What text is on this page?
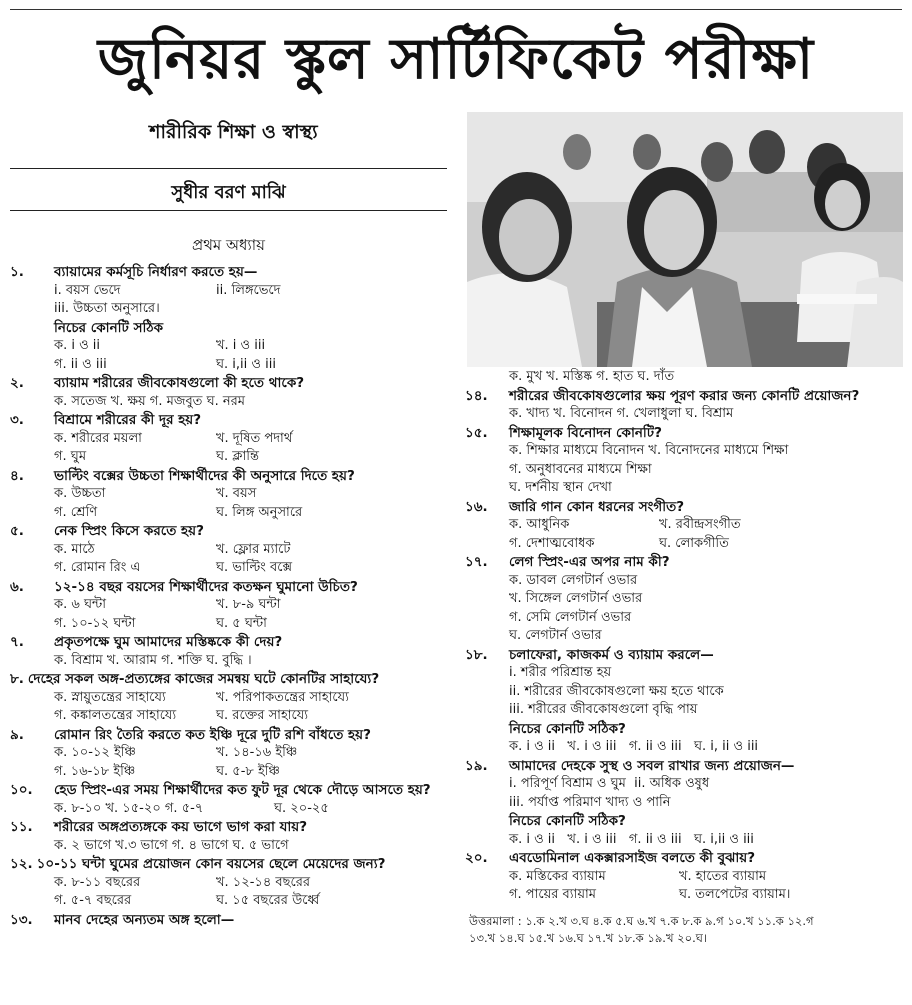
জুনিয়র স্কুল সার্টিফিকেট পরীক্ষা
শারীরিক শিক্ষা ও স্বাস্থ্য
সুধীর বরণ মাঝি
প্রথম অধ্যায়
১.	ব্যায়ামের কর্মসূচি নির্ধারণ করতে হয়—
i. বয়স ভেদে	ii. লিঙ্গভেদে
iii. উচ্চতা অনুসারে।
নিচের কোনটি সঠিক
ক. i ও ii	খ. i ও iii
গ. ii ও iii	ঘ. i,ii ও iii
২.	ব্যায়াম শরীরের জীবকোষগুলো কী হতে থাকে?
ক. সতেজ খ. ক্ষয় গ. মজবুত ঘ. নরম
৩.	বিশ্রামে শরীরের কী দূর হয়?
ক. শরীরের ময়লা	খ. দূষিত পদার্থ
গ. ঘুম	ঘ. ক্লান্তি
৪.	ভাল্টিং বক্সের উচ্চতা শিক্ষার্থীদের কী অনুসারে দিতে হয়?
ক. উচ্চতা	খ. বয়স
গ. শ্রেণি	ঘ. লিঙ্গ অনুসারে
৫.	নেক স্প্রিং কিসে করতে হয়?
ক. মাঠে	খ. ফ্লোর ম্যাটে
গ. রোমান রিং এ	ঘ. ভাল্টিং বক্সে
৬.	১২-১৪ বছর বয়সের শিক্ষার্থীদের কতক্ষন ঘুমানো উচিত?
ক. ৬ ঘন্টা	খ. ৮-৯ ঘন্টা
গ. ১০-১২ ঘন্টা	ঘ. ৫ ঘন্টা
৭.	প্রকৃতপক্ষে ঘুম আমাদের মস্তিষ্ককে কী দেয়?
ক. বিশ্রাম খ. আরাম গ. শক্তি ঘ. বুদ্ধি ।
৮. দেহের সকল অঙ্গ-প্রত্যঙ্গের কাজের সমন্বয় ঘটে কোনটির সাহায্যে?
ক. স্নায়ুতন্ত্রের সাহায্যে	খ. পরিপাকতন্ত্রের সাহায্যে
গ. কঙ্কালতন্ত্রের সাহায্যে	ঘ. রক্তের সাহায্যে
৯.	রোমান রিং তৈরি করতে কত ইঞ্চি দূরে দুটি রশি বাঁধতে হয়?
ক. ১০-১২ ইঞ্চি	খ. ১৪-১৬ ইঞ্চি
গ. ১৬-১৮ ইঞ্চি	ঘ. ৫-৮ ইঞ্চি
১০.	হেড স্প্রিং-এর সময় শিক্ষার্থীদের কত ফুট দূর থেকে দৌড়ে আসতে হয়?
ক. ৮-১০ খ. ১৫-২০ গ. ৫-৭	ঘ. ২০-২৫
১১.	শরীরের অঙ্গপ্রত্যঙ্গকে কয় ভাগে ভাগ করা যায়?
ক. ২ ভাগে খ.৩ ভাগে গ. ৪ ভাগে ঘ. ৫ ভাগে
১২. ১০-১১ ঘন্টা ঘুমের প্রয়োজন কোন বয়সের ছেলে মেয়েদের জন্য?
ক. ৮-১১ বছরের	খ. ১২-১৪ বছরের
গ. ৫-৭ বছরের	ঘ. ১৫ বছরের উর্ধ্বে
১৩.	মানব দেহের অন্যতম অঙ্গ হলো—
ক. মুখ খ. মস্তিষ্ক গ. হাত ঘ. দাঁত
১৪.	শরীরের জীবকোষগুলোর ক্ষয় পূরণ করার জন্য কোনটি প্রয়োজন?
ক. খাদ্য খ. বিনোদন গ. খেলাধুলা ঘ. বিশ্রাম
১৫.	শিক্ষামূলক বিনোদন কোনটি?
ক. শিক্ষার মাধ্যমে বিনোদন খ. বিনোদনের মাধ্যমে শিক্ষা
গ. অনুধাবনের মাধ্যমে শিক্ষা
ঘ. দর্শনীয় স্থান দেখা
১৬.	জারি গান কোন ধরনের সংগীত?
ক. আধুনিক	খ. রবীন্দ্রসংগীত
গ. দেশাত্মবোধক	ঘ. লোকগীতি
১৭.	লেগ স্প্রিং-এর অপর নাম কী?
ক. ডাবল লেগটার্ন ওভার
খ. সিঙ্গেল লেগটার্ন ওভার
গ. সেমি লেগটার্ন ওভার
ঘ. লেগটার্ন ওভার
১৮.	চলাফেরা, কাজকর্ম ও ব্যায়াম করলে—
i. শরীর পরিশ্রান্ত হয়
ii. শরীরের জীবকোষগুলো ক্ষয় হতে থাকে
iii. শরীরের জীবকোষগুলো বৃদ্ধি পায়
নিচের কোনটি সঠিক?
ক. i ও ii   খ. i ও iii   গ. ii ও iii   ঘ. i, ii ও iii
১৯.	আমাদের দেহকে সুস্থ ও সবল রাখার জন্য প্রয়োজন—
i. পরিপূর্ণ বিশ্রাম ও ঘুম  ii. অধিক ওষুধ
iii. পর্যাপ্ত পরিমাণ খাদ্য ও পানি
নিচের কোনটি সঠিক?
ক. i ও ii   খ. i ও iii   গ. ii ও iii   ঘ. i,ii ও iii
২০.	এবডোমিনাল একক্সারসাইজ বলতে কী বুঝায়?
ক. মস্তিকের ব্যায়াম	খ. হাতের ব্যায়াম
গ. পায়ের ব্যায়াম	ঘ. তলপেটের ব্যায়াম।
উত্তরমালা : ১.ক ২.খ ৩.ঘ ৪.ক ৫.ঘ ৬.খ ৭.ক ৮.ক ৯.গ ১০.খ ১১.ক ১২.গ
১৩.খ ১৪.ঘ ১৫.খ ১৬.ঘ ১৭.খ ১৮.ক ১৯.খ ২০.ঘ।
